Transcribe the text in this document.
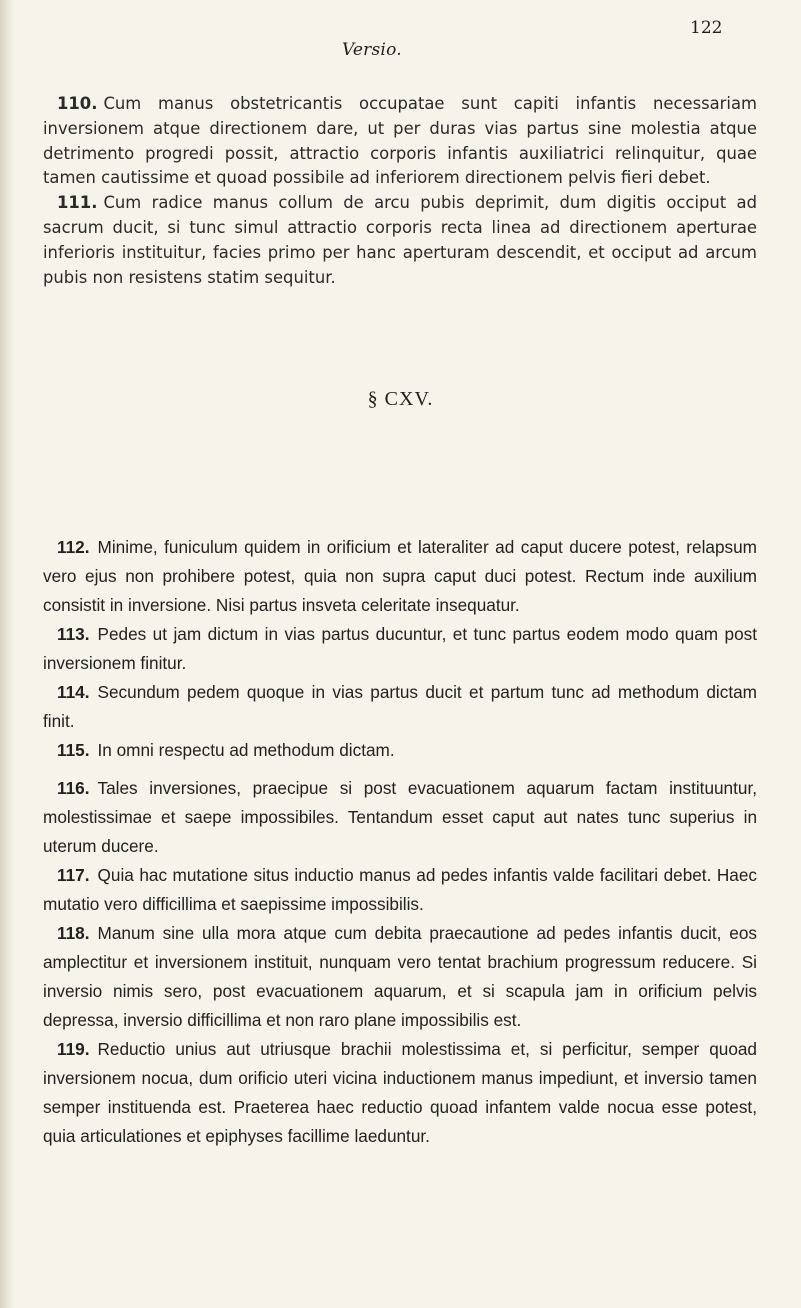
Versio.
122

110. Cum manus obstetricantis occupatae sunt capiti infantis necessariam inversionem atque directionem dare, ut per duras vias partus sine molestia atque detrimento progredi possit, attractio corporis infantis auxiliatrici relinquitur, quae tamen cautissime et quoad possibile ad inferiorem directionem pelvis fieri debet.

111. Cum radice manus collum de arcu pubis deprimit, dum digitis occiput ad sacrum ducit, si tunc simul attractio corporis recta linea ad directionem aperturae inferioris instituitur, facies primo per hanc aperturam descendit, et occiput ad arcum pubis non resistens statim sequitur.

§ CXV.

112. Minime, funiculum quidem in orificium et lateraliter ad caput ducere potest, relapsum vero ejus non prohibere potest, quia non supra caput duci potest. Rectum inde auxilium consistit in inversione. Nisi partus insveta celeritate insequatur.

113. Pedes ut jam dictum in vias partus ducuntur, et tunc partus eodem modo quam post inversionem finitur.

114. Secundum pedem quoque in vias partus ducit et partum tunc ad methodum dictam finit.

115. In omni respectu ad methodum dictam.

116. Tales inversiones, praecipue si post evacuationem aquarum factam instituuntur, molestissimae et saepe impossibiles. Tentandum esset caput aut nates tunc superius in uterum ducere.

117. Quia hac mutatione situs inductio manus ad pedes infantis valde facilitari debet. Haec mutatio vero difficillima et saepissime impossibilis.

118. Manum sine ulla mora atque cum debita praecautione ad pedes infantis ducit, eos amplectitur et inversionem instituit, nunquam vero tentat brachium progressum reducere. Si inversio nimis sero, post evacuationem aquarum, et si scapula jam in orificium pelvis depressa, inversio difficillima et non raro plane impossibilis est.

119. Reductio unius aut utriusque brachii molestissima et, si perficitur, semper quoad inversionem nocua, dum orificio uteri vicina inductionem manus impediunt, et inversio tamen semper instituenda est. Praeterea haec reductio quoad infantem valde nocua esse potest, quia articulationes et epiphyses facillime laeduntur.
